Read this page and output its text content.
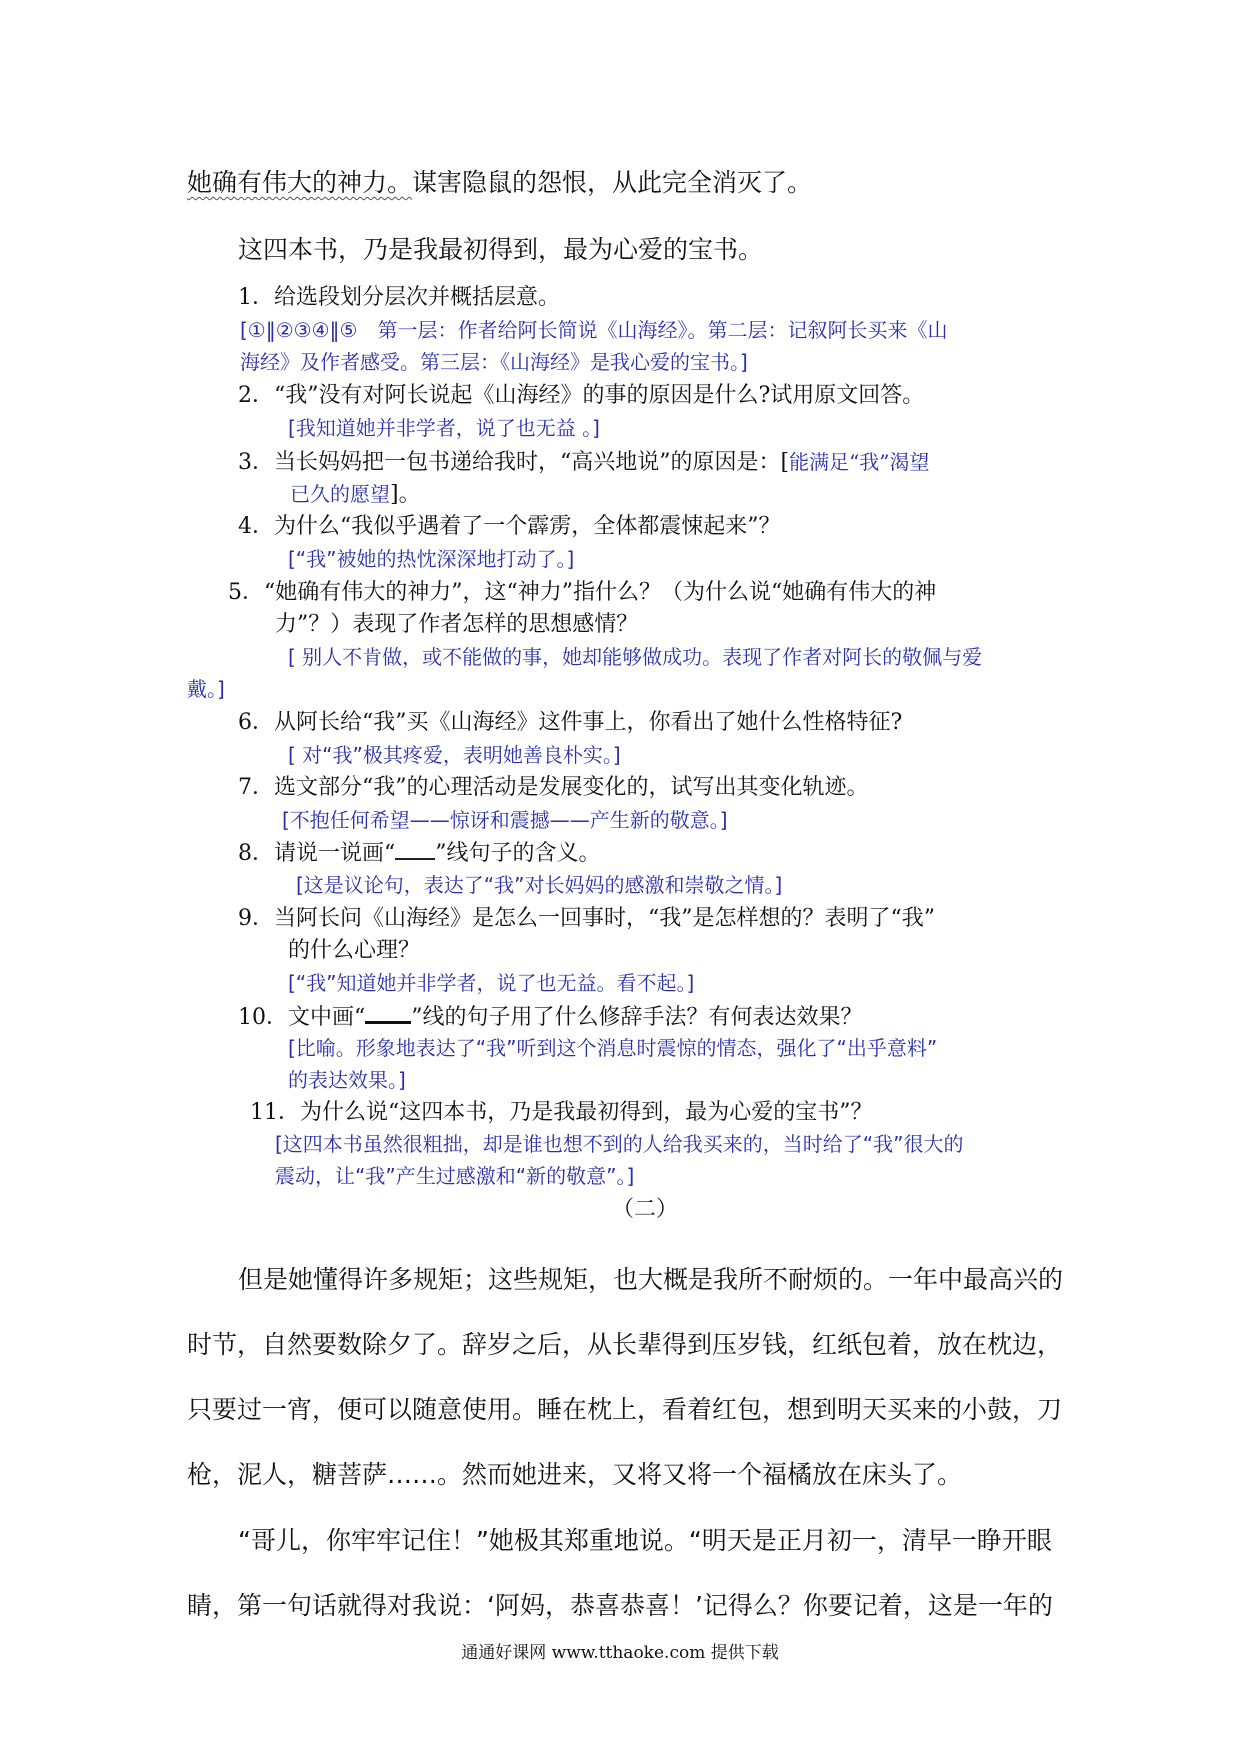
她确有伟大的神力。谋害隐鼠的怨恨，从此完全消灭了。
这四本书，乃是我最初得到，最为心爱的宝书。
1．给选段划分层次并概括层意。
[①‖②③④‖⑤　第一层：作者给阿长简说《山海经》。第二层：记叙阿长买来《山
海经》及作者感受。第三层：《山海经》是我心爱的宝书。]
2．“我”没有对阿长说起《山海经》的事的原因是什么?试用原文回答。
[我知道她并非学者，说了也无益 。]
3．当长妈妈把一包书递给我时，“高兴地说”的原因是：[能满足“我”渴望
已久的愿望]。
4．为什么“我似乎遇着了一个霹雳，全体都震悚起来”？
[“我”被她的热忱深深地打动了。]
5．“她确有伟大的神力”，这“神力”指什么？（为什么说“她确有伟大的神
力”？）表现了作者怎样的思想感情？
[ 别人不肯做，或不能做的事，她却能够做成功。表现了作者对阿长的敬佩与爱
戴。]
6．从阿长给“我”买《山海经》这件事上，你看出了她什么性格特征?
[ 对“我”极其疼爱，表明她善良朴实。]
7．选文部分“我”的心理活动是发展变化的，试写出其变化轨迹。
[不抱任何希望——惊讶和震撼——产生新的敬意。]
8．请说一说画“ ”线句子的含义。
[这是议论句，表达了“我”对长妈妈的感激和崇敬之情。]
9．当阿长问《山海经》是怎么一回事时，“我”是怎样想的？表明了“我”
的什么心理？
[“我”知道她并非学者，说了也无益。看不起。]
10．文中画“ ”线的句子用了什么修辞手法？有何表达效果？
[比喻。形象地表达了“我”听到这个消息时震惊的情态，强化了“出乎意料”
的表达效果。]
11．为什么说“这四本书，乃是我最初得到，最为心爱的宝书”？
[这四本书虽然很粗拙，却是谁也想不到的人给我买来的，当时给了“我”很大的
震动，让“我”产生过感激和“新的敬意”。]
（二）
但是她懂得许多规矩；这些规矩，也大概是我所不耐烦的。一年中最高兴的
时节，自然要数除夕了。辞岁之后，从长辈得到压岁钱，红纸包着，放在枕边，
只要过一宵，便可以随意使用。睡在枕上，看着红包，想到明天买来的小鼓，刀
枪，泥人，糖菩萨……。然而她进来，又将又将一个福橘放在床头了。
“哥儿，你牢牢记住！”她极其郑重地说。“明天是正月初一，清早一睁开眼
睛，第一句话就得对我说：‘阿妈，恭喜恭喜！’记得么？你要记着，这是一年的
通通好课网 www.tthaoke.com 提供下载
